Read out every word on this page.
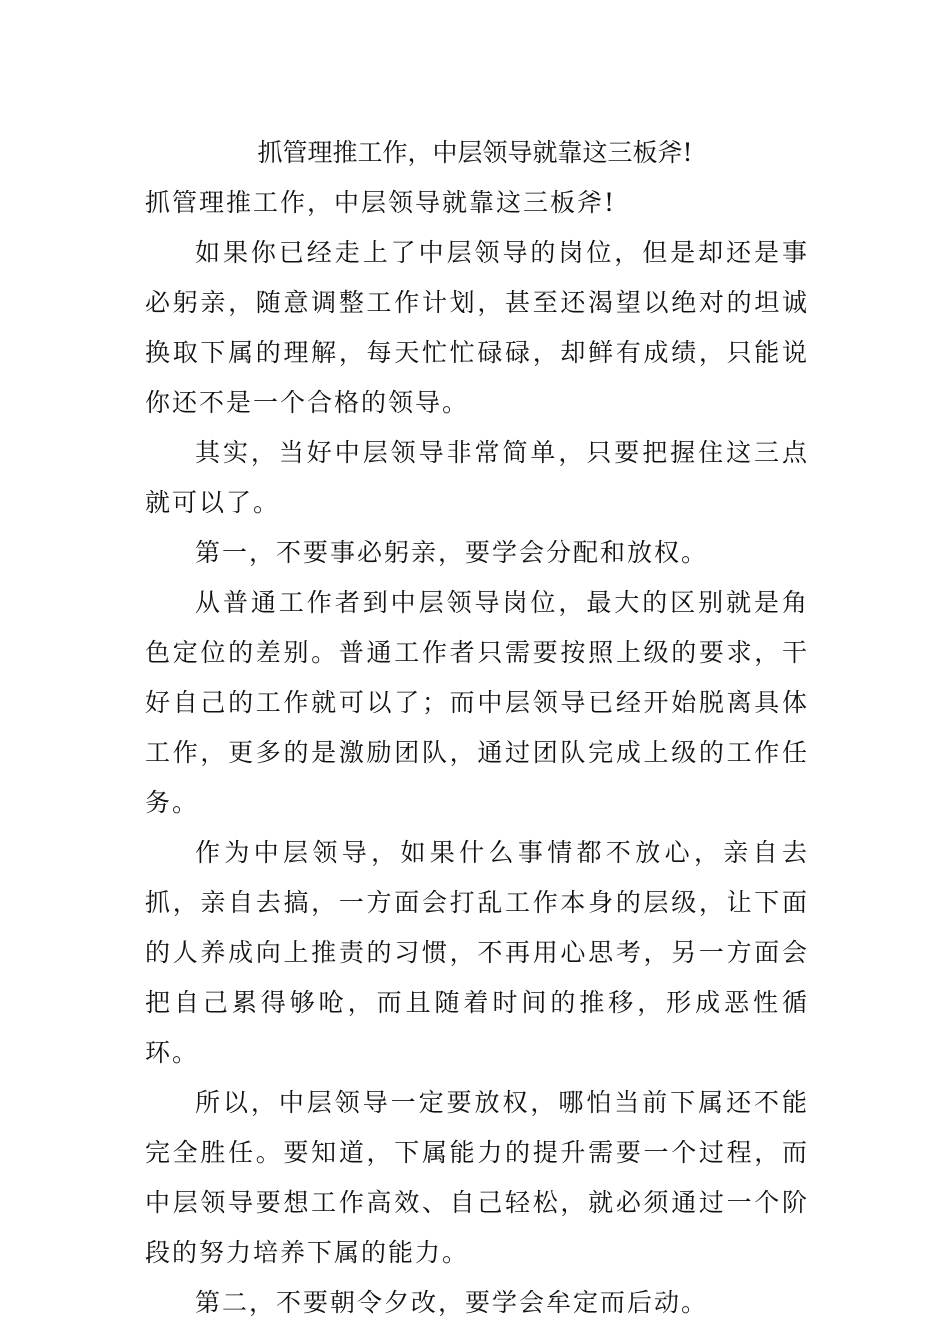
抓管理推工作，中层领导就靠这三板斧!

抓管理推工作，中层领导就靠这三板斧!

如果你已经走上了中层领导的岗位，但是却还是事必躬亲，随意调整工作计划，甚至还渴望以绝对的坦诚换取下属的理解，每天忙忙碌碌，却鲜有成绩，只能说你还不是一个合格的领导。

其实，当好中层领导非常简单，只要把握住这三点就可以了。

第一，不要事必躬亲，要学会分配和放权。

从普通工作者到中层领导岗位，最大的区别就是角色定位的差别。普通工作者只需要按照上级的要求，干好自己的工作就可以了；而中层领导已经开始脱离具体工作，更多的是激励团队，通过团队完成上级的工作任务。

作为中层领导，如果什么事情都不放心，亲自去抓，亲自去搞，一方面会打乱工作本身的层级，让下面的人养成向上推责的习惯，不再用心思考，另一方面会把自己累得够呛，而且随着时间的推移，形成恶性循环。

所以，中层领导一定要放权，哪怕当前下属还不能完全胜任。要知道，下属能力的提升需要一个过程，而中层领导要想工作高效、自己轻松，就必须通过一个阶段的努力培养下属的能力。

第二，不要朝令夕改，要学会牟定而后动。
